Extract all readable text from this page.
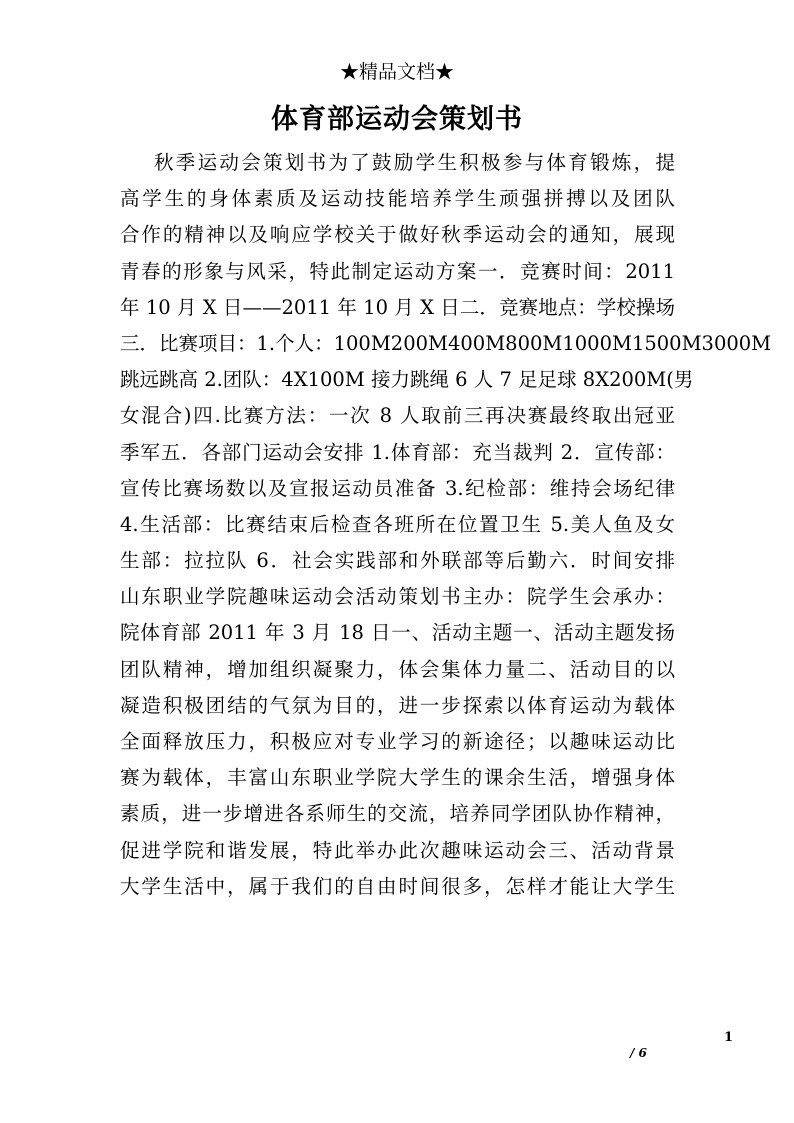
★精品文档★
体育部运动会策划书
秋季运动会策划书为了鼓励学生积极参与体育锻炼，提
高学生的身体素质及运动技能培养学生顽强拼搏以及团队
合作的精神以及响应学校关于做好秋季运动会的通知，展现
青春的形象与风采，特此制定运动方案一．竞赛时间：2011
年 10 月 X 日——2011 年 10 月 X 日二．竞赛地点：学校操场
三．比赛项目：1.个人：100M200M400M800M1000M1500M3000M
跳远跳高 2.团队：4X100M 接力跳绳 6 人 7 足足球 8X200M(男
女混合)四.比赛方法：一次 8 人取前三再决赛最终取出冠亚
季军五．各部门运动会安排 1.体育部：充当裁判 2．宣传部：
宣传比赛场数以及宣报运动员准备 3.纪检部：维持会场纪律
4.生活部：比赛结束后检查各班所在位置卫生 5.美人鱼及女
生部：拉拉队 6．社会实践部和外联部等后勤六．时间安排
山东职业学院趣味运动会活动策划书主办：院学生会承办：
院体育部 2011 年 3 月 18 日一、活动主题一、活动主题发扬
团队精神，增加组织凝聚力，体会集体力量二、活动目的以
凝造积极团结的气氛为目的，进一步探索以体育运动为载体
全面释放压力，积极应对专业学习的新途径；以趣味运动比
赛为载体，丰富山东职业学院大学生的课余生活，增强身体
素质，进一步增进各系师生的交流，培养同学团队协作精神，
促进学院和谐发展，特此举办此次趣味运动会三、活动背景
大学生活中，属于我们的自由时间很多，怎样才能让大学生
1
/ 6
